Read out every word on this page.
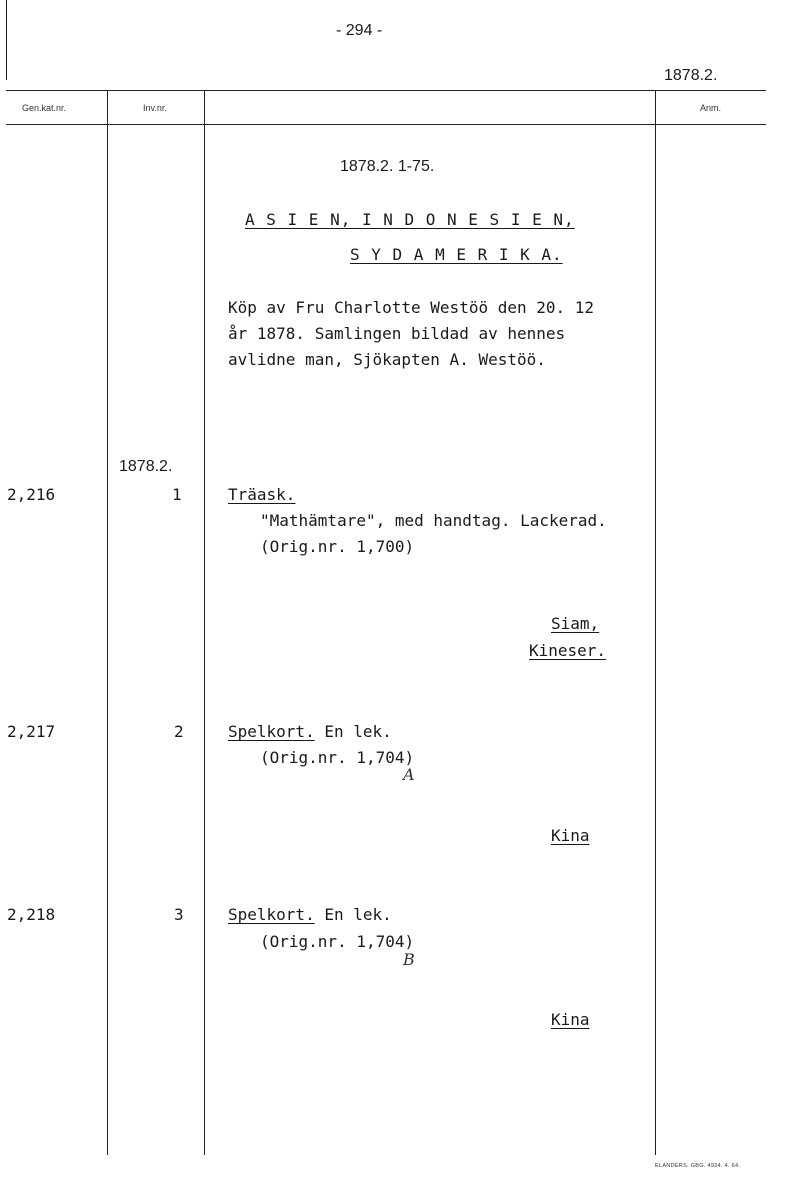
- 294 -
1878.2.
Gen.kat.nr.	Inv.nr.	Anm.
1878.2. 1-75.
A S I E N, I N D O N E S I E N,
S Y D A M E R I K A.
Köp av Fru Charlotte Westöö den 20. 12
år 1878. Samlingen bildad av hennes
avlidne man, Sjökapten A. Westöö.
1878.2.
2,216	1	Träask.
"Mathämtare", med handtag. Lackerad.
(Orig.nr. 1,700)
Siam,
Kineser.
2,217	2	Spelkort. En lek.
(Orig.nr. 1,704)
A
Kina
2,218	3	Spelkort. En lek.
(Orig.nr. 1,704)
B
Kina
ELANDERS. GBG. 4924. 4. 64.
